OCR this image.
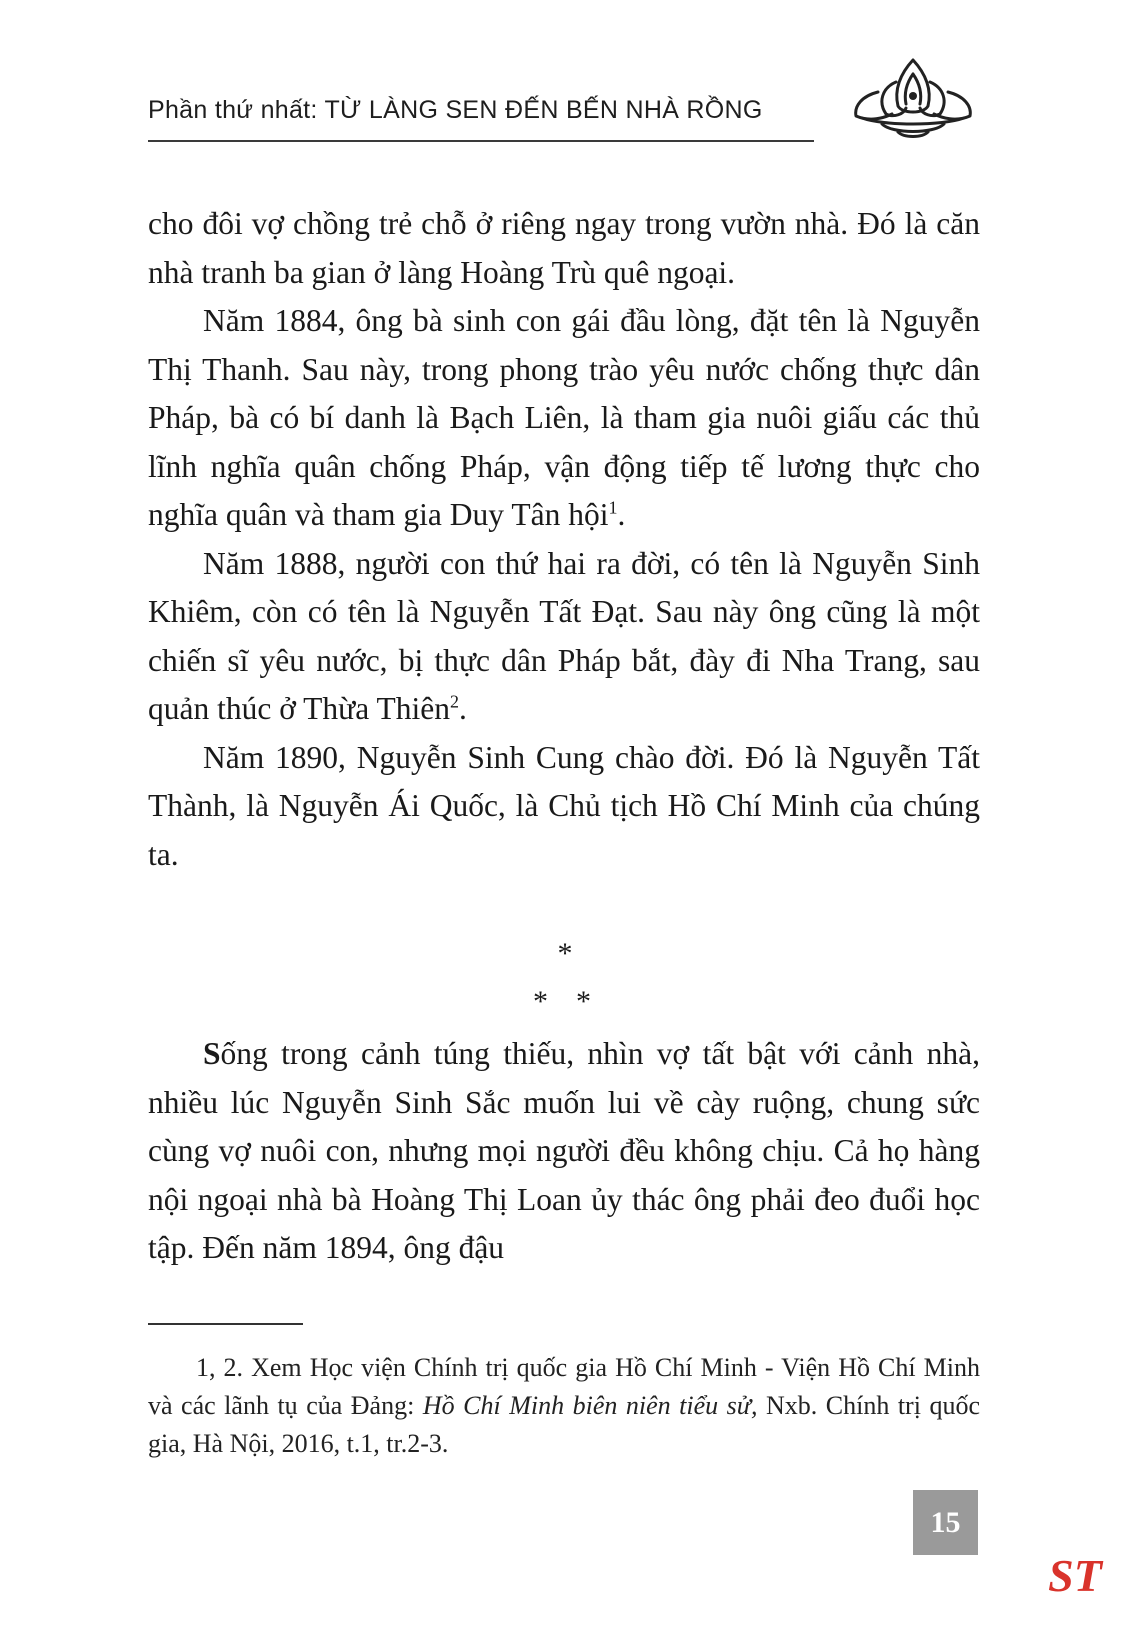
Phần thứ nhất: TỪ LÀNG SEN ĐẾN BẾN NHÀ RỒNG

cho đôi vợ chồng trẻ chỗ ở riêng ngay trong vườn nhà. Đó là căn nhà tranh ba gian ở làng Hoàng Trù quê ngoại.

Năm 1884, ông bà sinh con gái đầu lòng, đặt tên là Nguyễn Thị Thanh. Sau này, trong phong trào yêu nước chống thực dân Pháp, bà có bí danh là Bạch Liên, là tham gia nuôi giấu các thủ lĩnh nghĩa quân chống Pháp, vận động tiếp tế lương thực cho nghĩa quân và tham gia Duy Tân hội$^1$.

Năm 1888, người con thứ hai ra đời, có tên là Nguyễn Sinh Khiêm, còn có tên là Nguyễn Tất Đạt. Sau này ông cũng là một chiến sĩ yêu nước, bị thực dân Pháp bắt, đày đi Nha Trang, sau quản thúc ở Thừa Thiên$^2$.

Năm 1890, Nguyễn Sinh Cung chào đời. Đó là Nguyễn Tất Thành, là Nguyễn Ái Quốc, là Chủ tịch Hồ Chí Minh của chúng ta.

*
**

Sống trong cảnh túng thiếu, nhìn vợ tất bật với cảnh nhà, nhiều lúc Nguyễn Sinh Sắc muốn lui về cày ruộng, chung sức cùng vợ nuôi con, nhưng mọi người đều không chịu. Cả họ hàng nội ngoại nhà bà Hoàng Thị Loan ủy thác ông phải đeo đuổi học tập. Đến năm 1894, ông đậu

1, 2. Xem Học viện Chính trị quốc gia Hồ Chí Minh - Viện Hồ Chí Minh và các lãnh tụ của Đảng: Hồ Chí Minh biên niên tiểu sử, Nxb. Chính trị quốc gia, Hà Nội, 2016, t.1, tr.2-3.

15
ST
